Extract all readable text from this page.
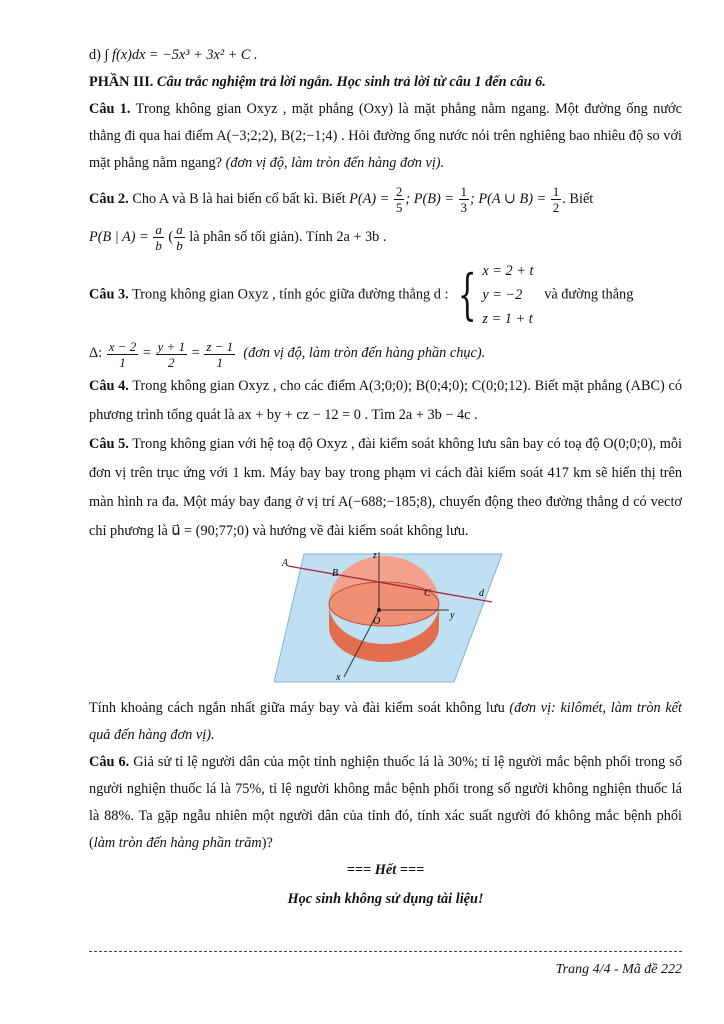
d) ∫ f(x)dx = −5x³ + 3x² + C .

PHẦN III. Câu trắc nghiệm trả lời ngắn. Học sinh trả lời từ câu 1 đến câu 6.

Câu 1. Trong không gian Oxyz , mặt phẳng (Oxy) là mặt phẳng nằm ngang. Một đường ống nước thẳng đi qua hai điểm A(−3;2;2), B(2;−1;4) . Hỏi đường ống nước nói trên nghiêng bao nhiêu độ so với mặt phẳng nằm ngang? (đơn vị độ, làm tròn đến hàng đơn vị).

Câu 2. Cho A và B là hai biến cố bất kì. Biết $P(A) = \frac{2}{5}$ ; $P(B) = \frac{1}{3}$ ; P(A ∪ $B) = \frac{1}{2}$ . Biết

P(B | $A) = \frac{a}{b}$ ( $\frac{a}{b}$ là phân số tối giản). Tính 2a + 3b .

Câu 3. Trong không gian Oxyz , tính góc giữa đường thẳng d : { x = 2 + t
y = −2
z = 1 + t
và đường thẳng

Δ: $\frac{x - 2}{1} = \frac{y + 1}{2} = \frac{z - 1}{1}$ (đơn vị độ, làm tròn đến hàng phần chục).

Câu 4. Trong không gian Oxyz , cho các điểm A(3;0;0); B(0;4;0); C(0;0;12). Biết mặt phẳng (ABC) có phương trình tổng quát là ax + by + cz − 12 = 0 . Tìm 2a + 3b − 4c .

Câu 5. Trong không gian với hệ toạ độ Oxyz , đài kiểm soát không lưu sân bay có toạ độ O(0;0;0), mỗi đơn vị trên trục ứng với 1 km. Máy bay bay trong phạm vi cách đài kiểm soát 417 km sẽ hiển thị trên màn hình ra đa. Một máy bay đang ở vị trí A(−688;−185;8), chuyển động theo đường thẳng d có vectơ chỉ phương là u⃗ = (90;77;0) và hướng về đài kiểm soát không lưu.

z
y
x
O
A
B
C	d

Tính khoảng cách ngắn nhất giữa máy bay và đài kiểm soát không lưu (đơn vị: kilômét, làm tròn kết quả đến hàng đơn vị).

Câu 6. Giả sử tỉ lệ người dân của một tỉnh nghiện thuốc lá là 30%; tỉ lệ người mắc bệnh phổi trong số người nghiện thuốc lá là 75%, tỉ lệ người không mắc bệnh phổi trong số người không nghiện thuốc lá là 88%. Ta gặp ngẫu nhiên một người dân của tỉnh đó, tính xác suất người đó không mắc bệnh phổi (làm tròn đến hàng phần trăm)?

=== Hết ===

Học sinh không sử dụng tài liệu!

Trang 4/4 - Mã đề 222
